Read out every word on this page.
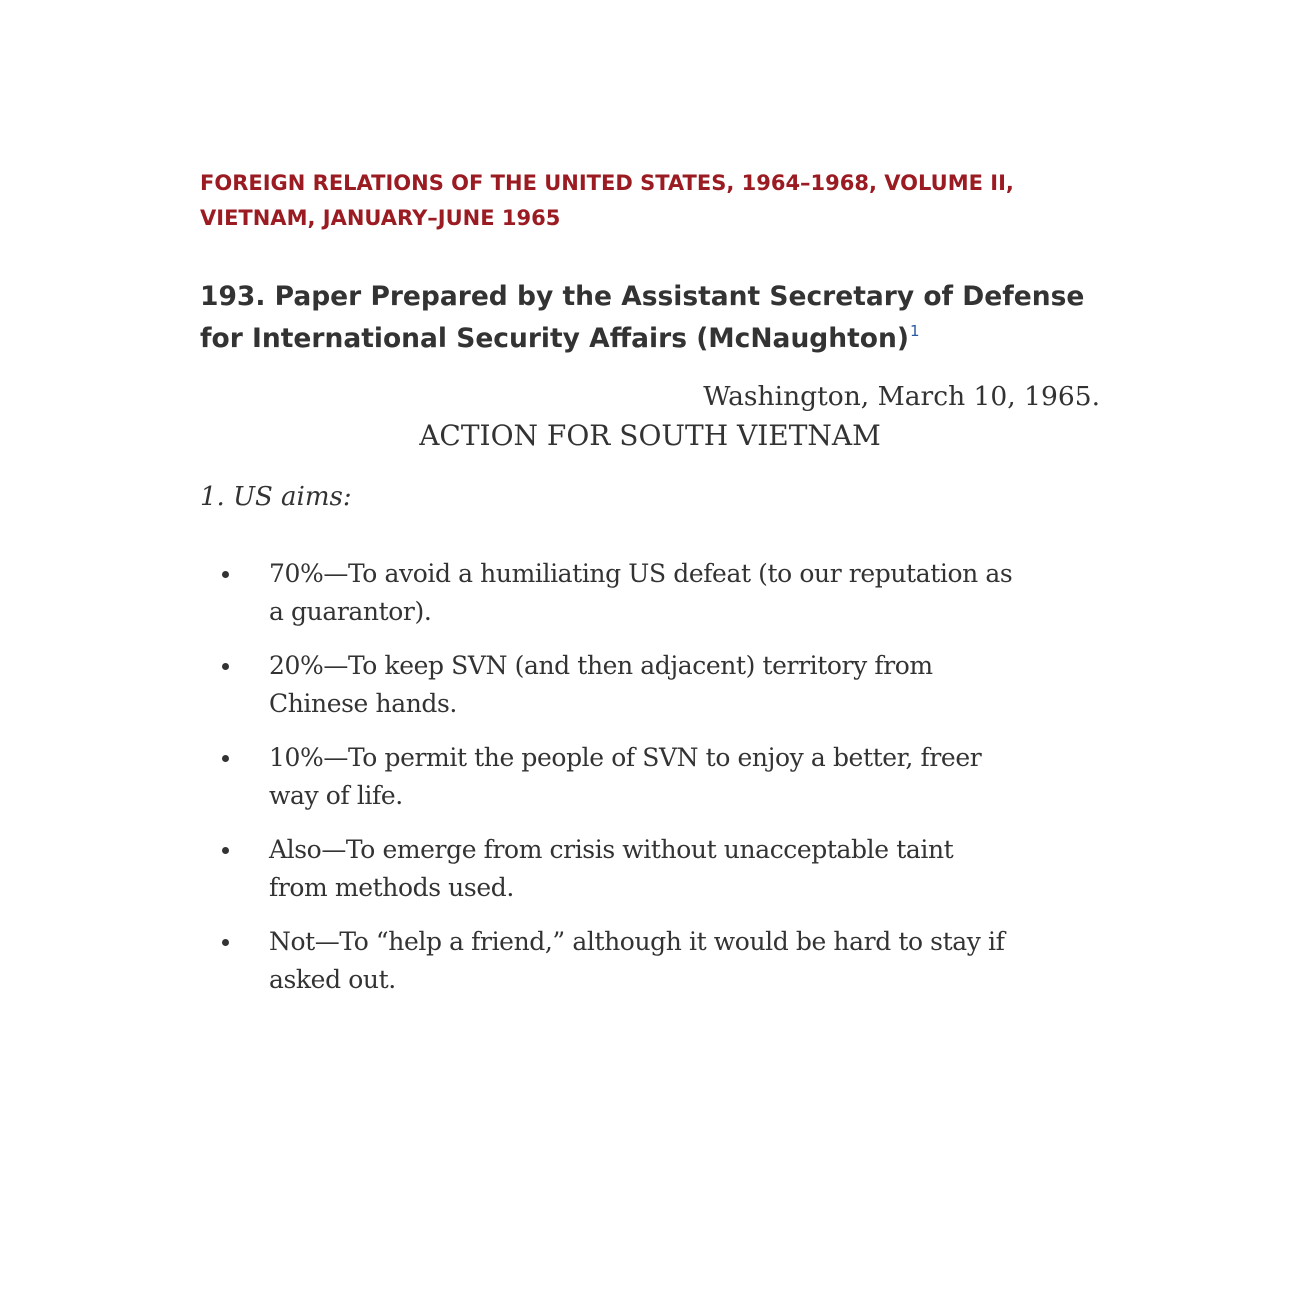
FOREIGN RELATIONS OF THE UNITED STATES, 1964–1968, VOLUME II,
VIETNAM, JANUARY–JUNE 1965
193. Paper Prepared by the Assistant Secretary of Defense
for International Security Affairs (McNaughton)$^1$
Washington, March 10, 1965.
ACTION FOR SOUTH VIETNAM
1. US aims:
70%—To avoid a humiliating US defeat (to our reputation as
a guarantor).
20%—To keep SVN (and then adjacent) territory from
Chinese hands.
10%—To permit the people of SVN to enjoy a better, freer
way of life.
Also—To emerge from crisis without unacceptable taint
from methods used.
Not—To “help a friend,” although it would be hard to stay if
asked out.
